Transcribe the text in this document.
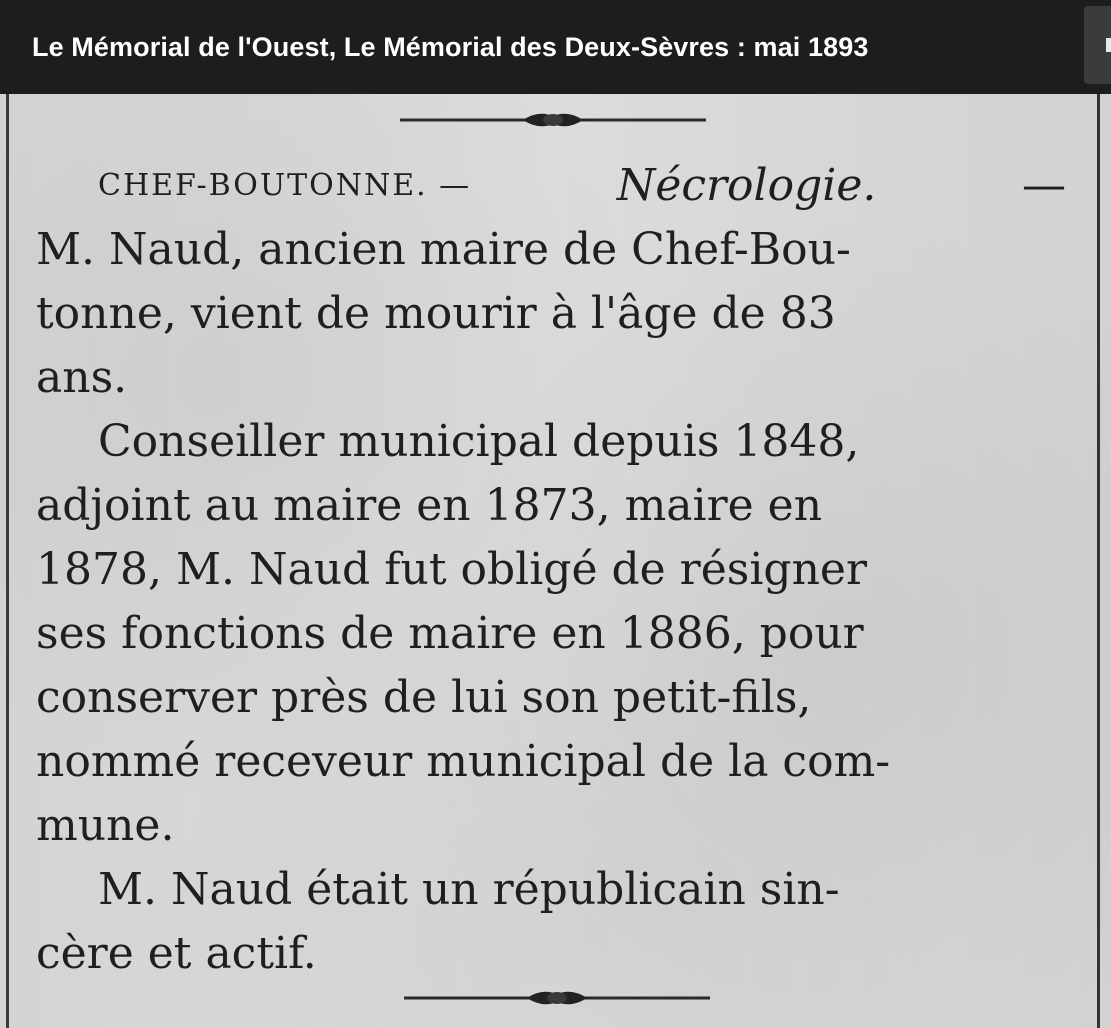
Le Mémorial de l'Ouest, Le Mémorial des Deux-Sèvres : mai 1893
CHEF-BOUTONNE. —	Nécrologie.	—
M. Naud, ancien maire de Chef-Bou-
tonne, vient de mourir à l'âge de 83
ans.
Conseiller municipal depuis 1848,
adjoint au maire en 1873, maire en
1878, M. Naud fut obligé de résigner
ses fonctions de maire en 1886, pour
conserver près de lui son petit-fils,
nommé receveur municipal de la com-
mune.
M. Naud était un républicain sin-
cère et actif.
